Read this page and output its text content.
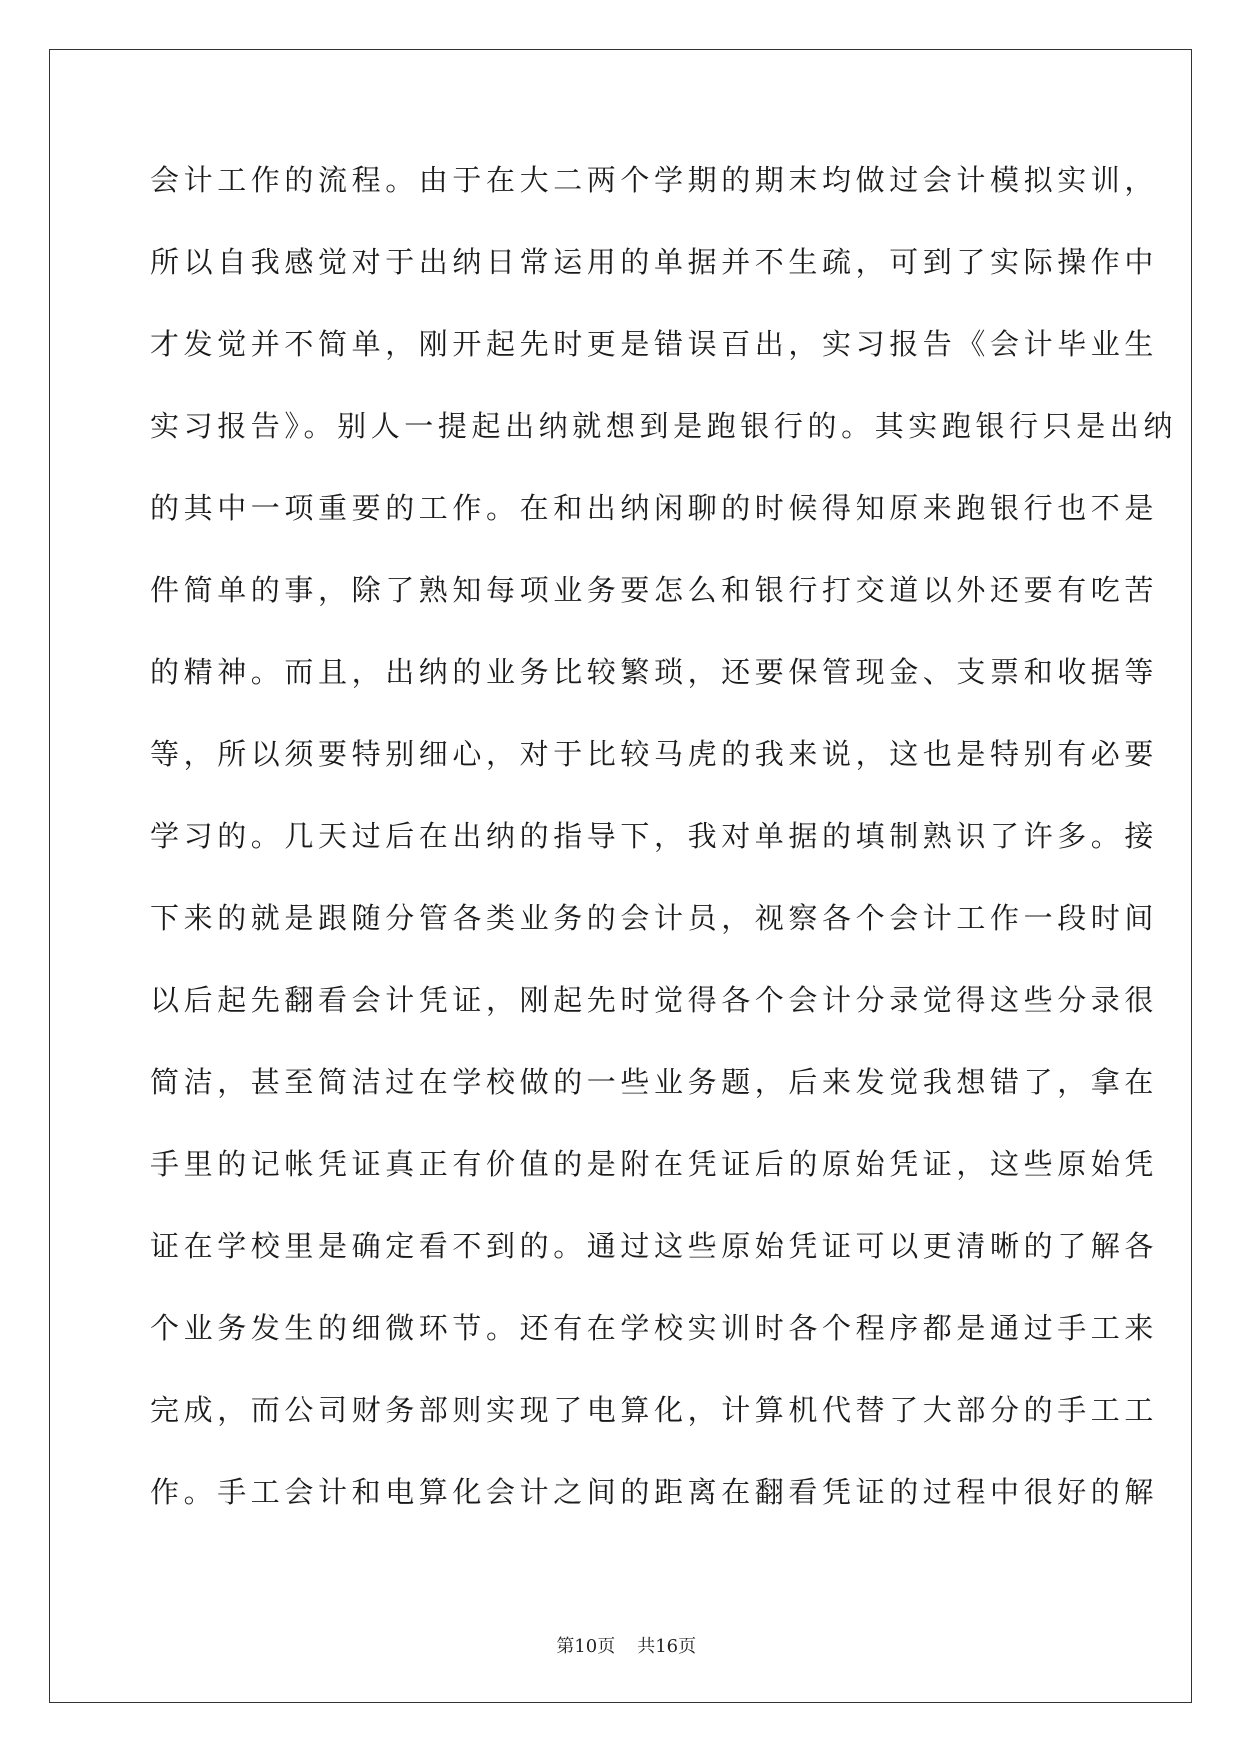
会计工作的流程。由于在大二两个学期的期末均做过会计模拟实训，
所以自我感觉对于出纳日常运用的单据并不生疏，可到了实际操作中
才发觉并不简单，刚开起先时更是错误百出，实习报告《会计毕业生
实习报告》。别人一提起出纳就想到是跑银行的。其实跑银行只是出纳
的其中一项重要的工作。在和出纳闲聊的时候得知原来跑银行也不是
件简单的事，除了熟知每项业务要怎么和银行打交道以外还要有吃苦
的精神。而且，出纳的业务比较繁琐，还要保管现金、支票和收据等
等，所以须要特别细心，对于比较马虎的我来说，这也是特别有必要
学习的。几天过后在出纳的指导下，我对单据的填制熟识了许多。接
下来的就是跟随分管各类业务的会计员，视察各个会计工作一段时间
以后起先翻看会计凭证，刚起先时觉得各个会计分录觉得这些分录很
简洁，甚至简洁过在学校做的一些业务题，后来发觉我想错了，拿在
手里的记帐凭证真正有价值的是附在凭证后的原始凭证，这些原始凭
证在学校里是确定看不到的。通过这些原始凭证可以更清晰的了解各
个业务发生的细微环节。还有在学校实训时各个程序都是通过手工来
完成，而公司财务部则实现了电算化，计算机代替了大部分的手工工
作。手工会计和电算化会计之间的距离在翻看凭证的过程中很好的解

第10页 共16页
